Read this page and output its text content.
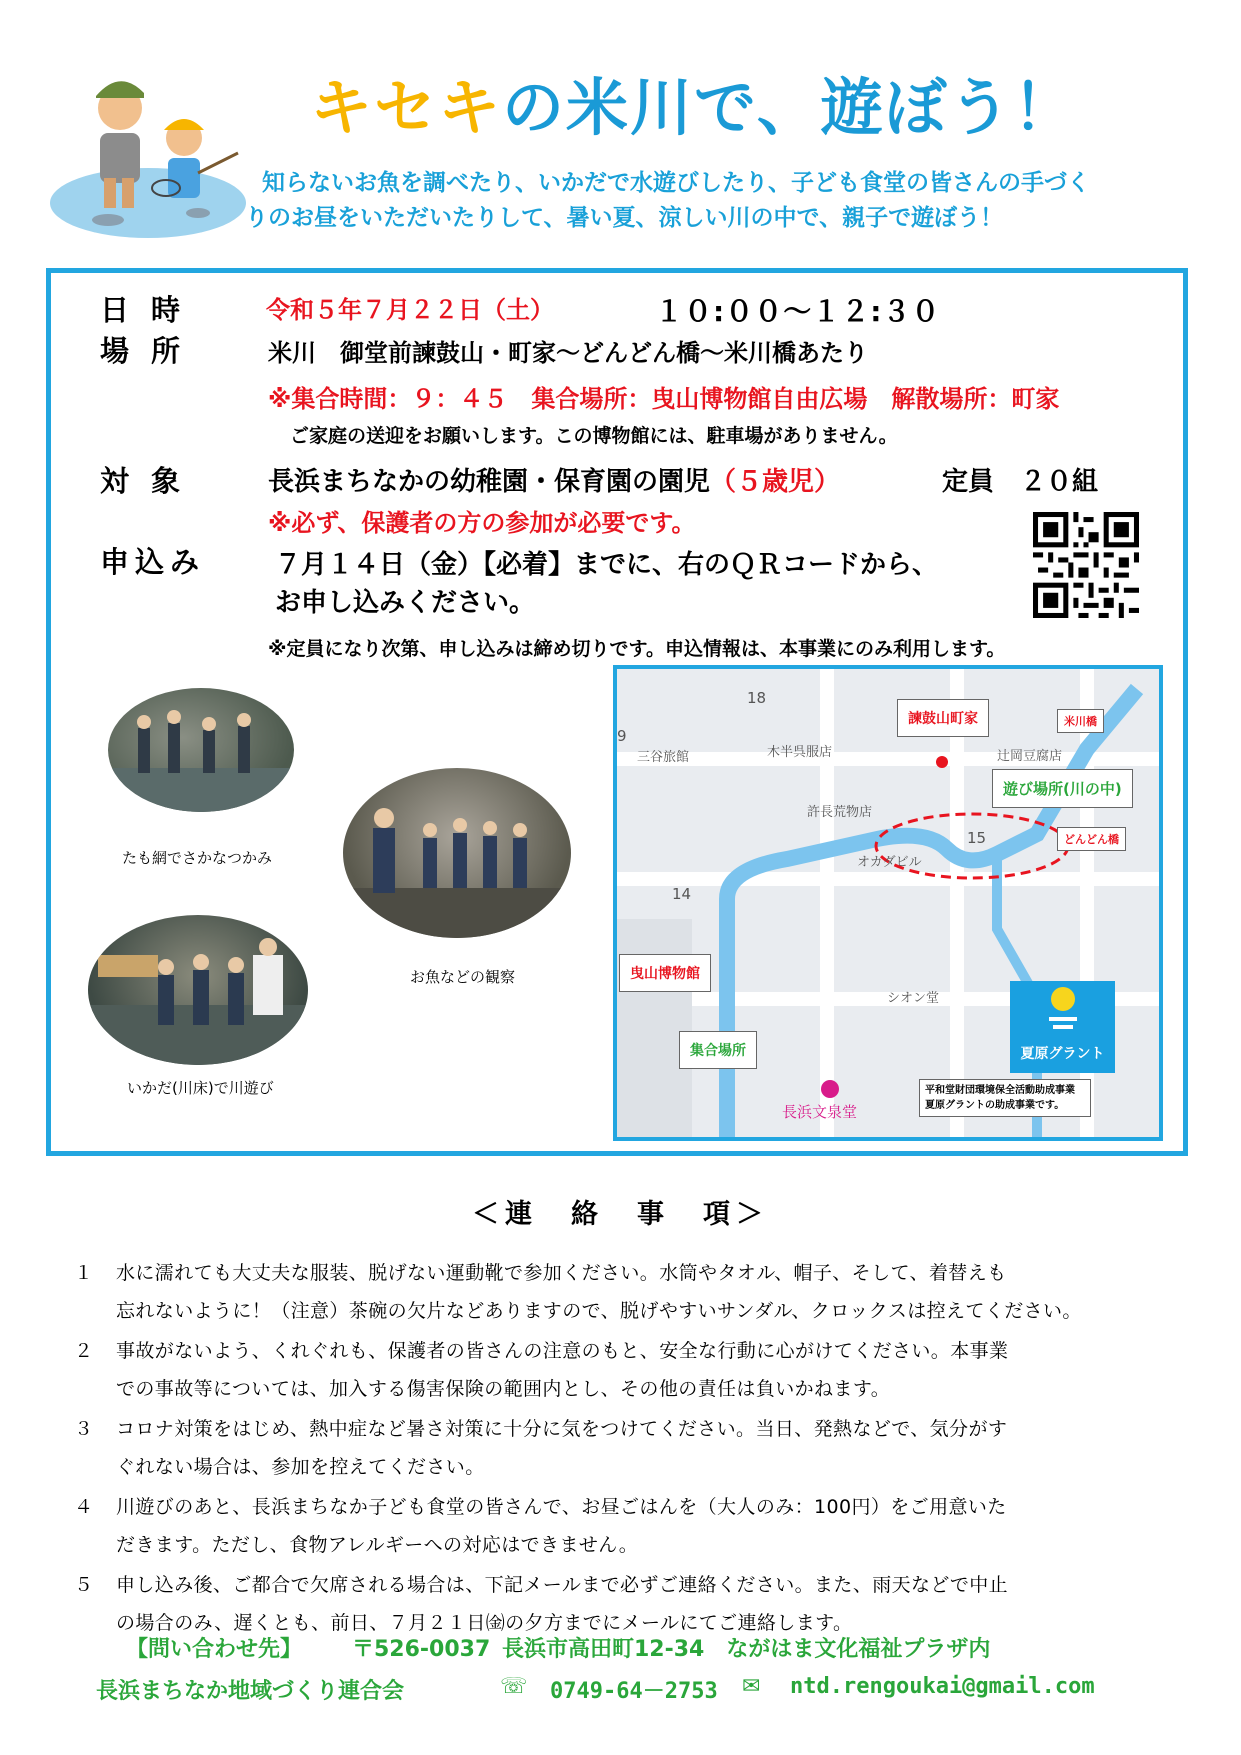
キセキの米川で、遊ぼう！
知らないお魚を調べたり、いかだで水遊びしたり、子ども食堂の皆さんの手づく
りのお昼をいただいたりして、暑い夏、涼しい川の中で、親子で遊ぼう！
日時	令和５年７月２２日（土）	１０:００～１２:３０
場所	米川　御堂前諫鼓山・町家～どんどん橋～米川橋あたり
※集合時間：９：４５　集合場所：曳山博物館自由広場　解散場所：町家
ご家庭の送迎をお願いします。この博物館には、駐車場がありません。
対象	長浜まちなかの幼稚園・保育園の園児（５歳児）	定員　２０組
※必ず、保護者の方の参加が必要です。
申込み	７月１４日（金）【必着】までに、右のＱＲコードから、
お申し込みください。
※定員になり次第、申し込みは締め切りです。申込情報は、本事業にのみ利用します。
たも網でさかなつかみ
お魚などの観察
いかだ(川床)で川遊び
諫鼓山町家	米川橋
遊び場所(川の中)
どんどん橋
曳山博物館
集合場所
三谷旅館	木半呉服店	辻岡豆腐店
許長荒物店
オカダビル
シオン堂
長浜文泉堂
18
15
14
9
夏原グラント
平和堂財団環境保全活動助成事業
夏原グラントの助成事業です。
＜連　絡　事　項＞
１	水に濡れても大丈夫な服装、脱げない運動靴で参加ください。水筒やタオル、帽子、そして、着替えも
忘れないように！（注意）茶碗の欠片などありますので、脱げやすいサンダル、クロックスは控えてください。
２	事故がないよう、くれぐれも、保護者の皆さんの注意のもと、安全な行動に心がけてください。本事業
での事故等については、加入する傷害保険の範囲内とし、その他の責任は負いかねます。
３	コロナ対策をはじめ、熱中症など暑さ対策に十分に気をつけてください。当日、発熱などで、気分がす
ぐれない場合は、参加を控えてください。
４	川遊びのあと、長浜まちなか子ども食堂の皆さんで、お昼ごはんを（大人のみ：100円）をご用意いた
だきます。ただし、食物アレルギーへの対応はできません。
５	申し込み後、ご都合で欠席される場合は、下記メールまで必ずご連絡ください。また、雨天などで中止
の場合のみ、遅くとも、前日、７月２１日㈮の夕方までにメールにてご連絡します。
【問い合わせ先】 〒526-0037 長浜市高田町12-34　ながはま文化福祉プラザ内
長浜まちなか地域づくり連合会	☏ 0749-64－2753 ✉ ntd.rengoukai@gmail.com
